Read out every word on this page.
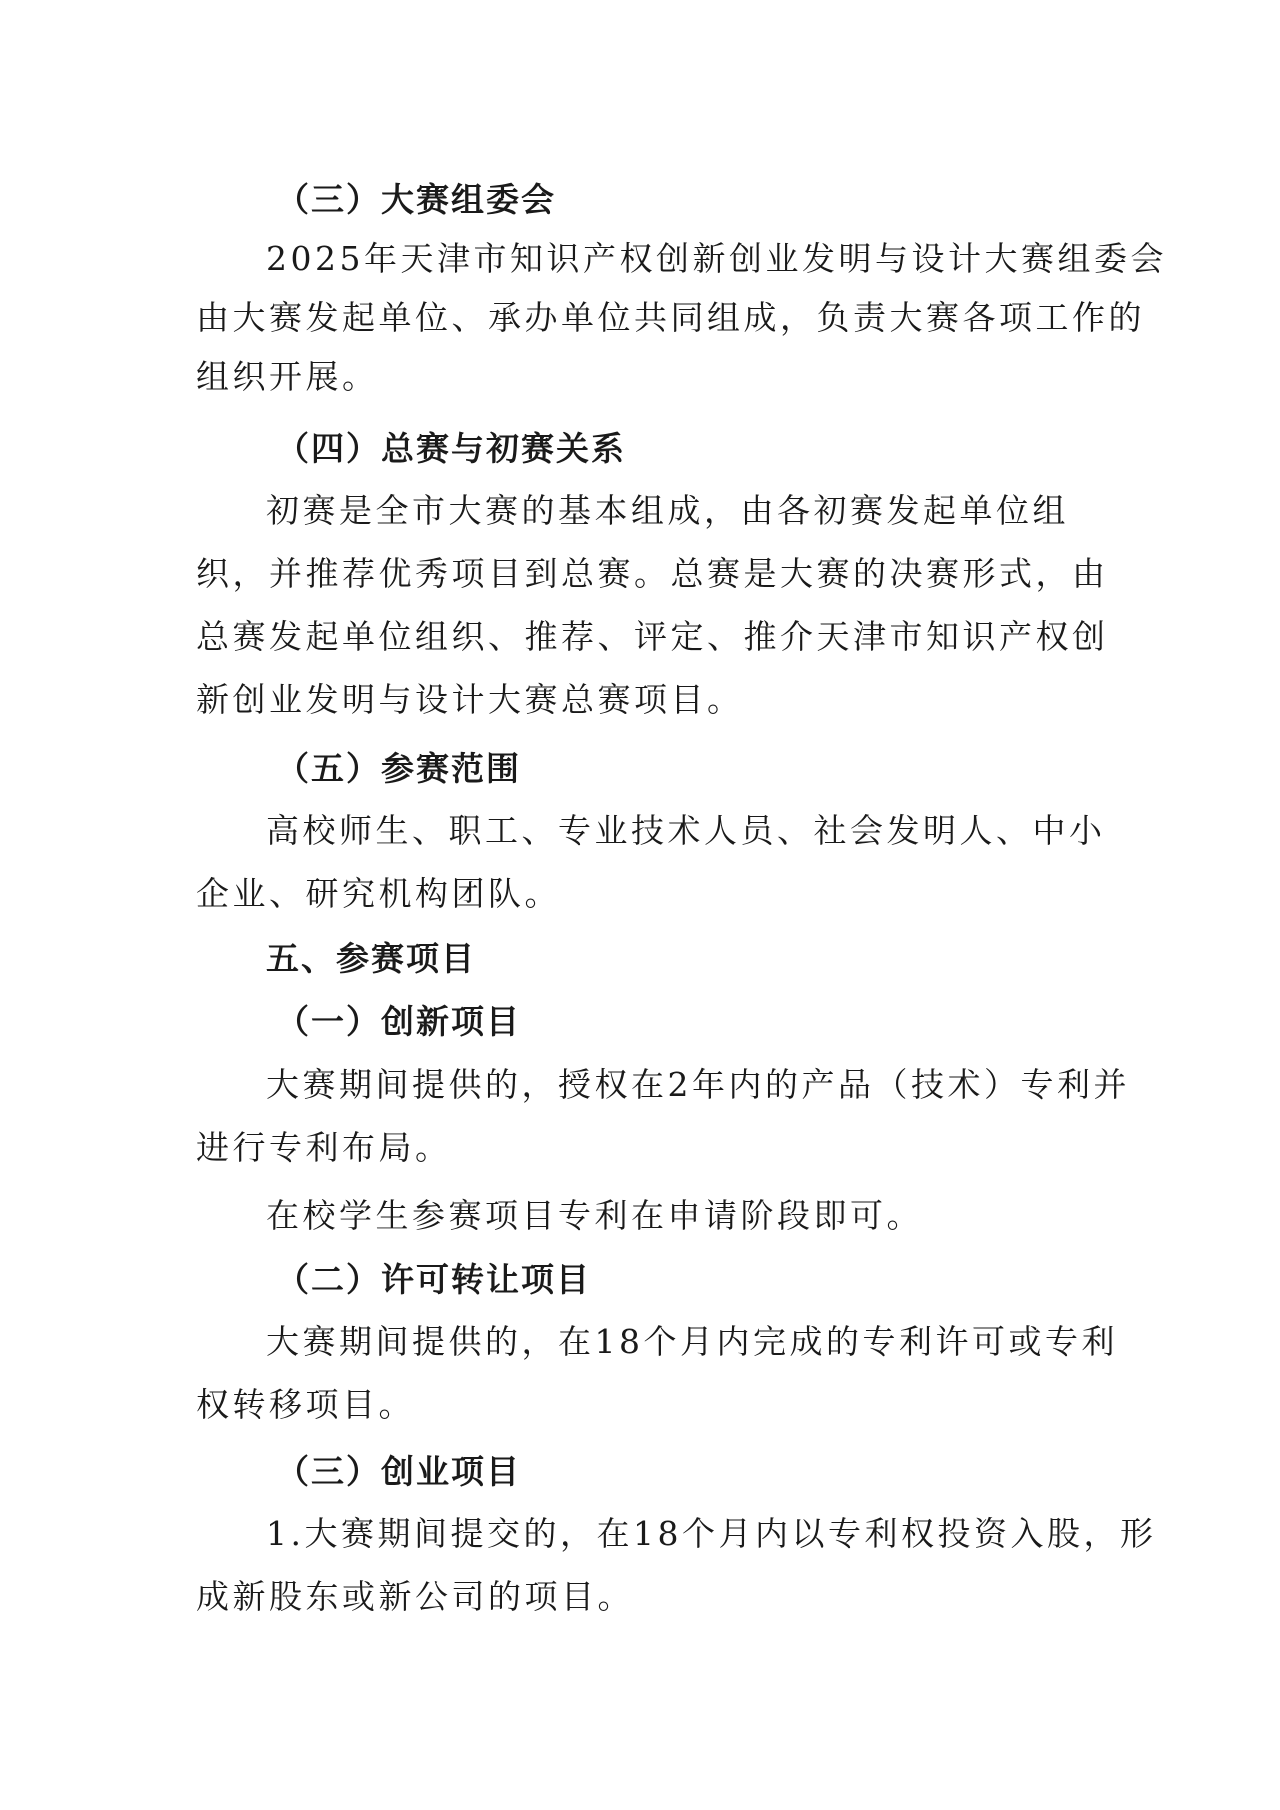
（三）大赛组委会
2025年天津市知识产权创新创业发明与设计大赛组委会
由大赛发起单位、承办单位共同组成，负责大赛各项工作的
组织开展。
（四）总赛与初赛关系
初赛是全市大赛的基本组成，由各初赛发起单位组
织，并推荐优秀项目到总赛。总赛是大赛的决赛形式，由
总赛发起单位组织、推荐、评定、推介天津市知识产权创
新创业发明与设计大赛总赛项目。
（五）参赛范围
高校师生、职工、专业技术人员、社会发明人、中小
企业、研究机构团队。
五、参赛项目
（一）创新项目
大赛期间提供的，授权在2年内的产品（技术）专利并
进行专利布局。
在校学生参赛项目专利在申请阶段即可。
（二）许可转让项目
大赛期间提供的，在18个月内完成的专利许可或专利
权转移项目。
（三）创业项目
1.大赛期间提交的，在18个月内以专利权投资入股，形
成新股东或新公司的项目。
